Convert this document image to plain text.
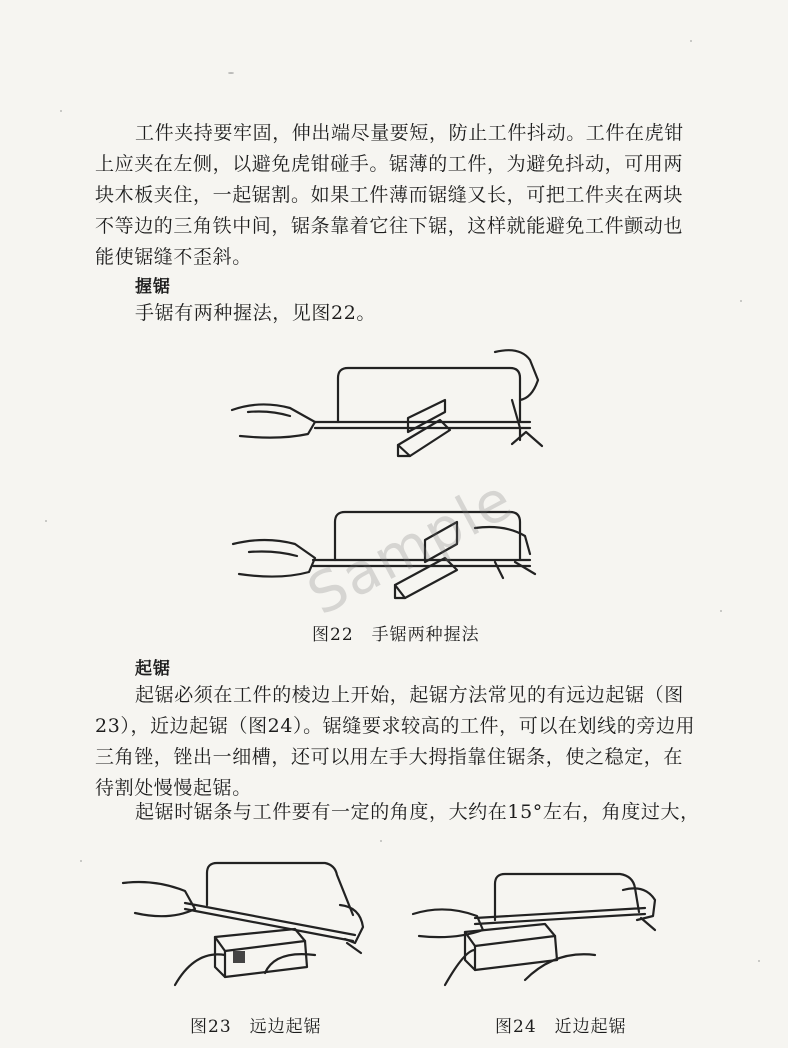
工件夹持要牢固，伸出端尽量要短，防止工件抖动。工件在虎钳上应夹在左侧，以避免虎钳碰手。锯薄的工件，为避免抖动，可用两块木板夹住，一起锯割。如果工件薄而锯缝又长，可把工件夹在两块不等边的三角铁中间，锯条靠着它往下锯，这样就能避免工件颤动也能使锯缝不歪斜。

握锯

手锯有两种握法，见图22。

Sample
图22　手锯两种握法
起锯

起锯必须在工件的棱边上开始，起锯方法常见的有远边起锯（图23），近边起锯（图24）。锯缝要求较高的工件，可以在划线的旁边用三角锉，锉出一细槽，还可以用左手大拇指靠住锯条，使之稳定，在待割处慢慢起锯。

起锯时锯条与工件要有一定的角度，大约在15°左右，角度过大，

图23　远边起锯	图24　近边起锯
